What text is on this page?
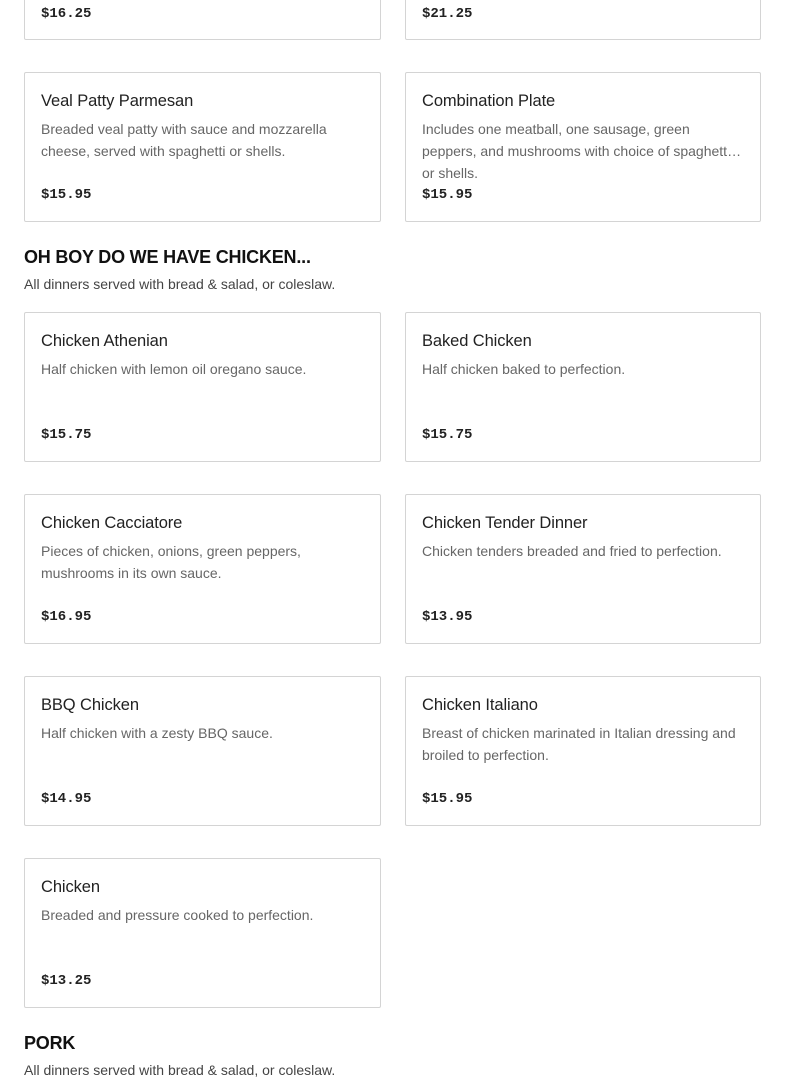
$16.25	$21.25
Veal Patty Parmesan
Breaded veal patty with sauce and mozzarella cheese, served with spaghetti or shells.
$15.95
Combination Plate
Includes one meatball, one sausage, green peppers, and mushrooms with choice of spaghetti or shells.
$15.95
OH BOY DO WE HAVE CHICKEN...

All dinners served with bread & salad, or coleslaw.

Chicken Athenian
Half chicken with lemon oil oregano sauce.
$15.75
Baked Chicken
Half chicken baked to perfection.
$15.75
Chicken Cacciatore
Pieces of chicken, onions, green peppers, mushrooms in its own sauce.
$16.95
Chicken Tender Dinner
Chicken tenders breaded and fried to perfection.
$13.95
BBQ Chicken
Half chicken with a zesty BBQ sauce.
$14.95
Chicken Italiano
Breast of chicken marinated in Italian dressing and broiled to perfection.
$15.95
Chicken
Breaded and pressure cooked to perfection.
$13.25
PORK

All dinners served with bread & salad, or coleslaw.
